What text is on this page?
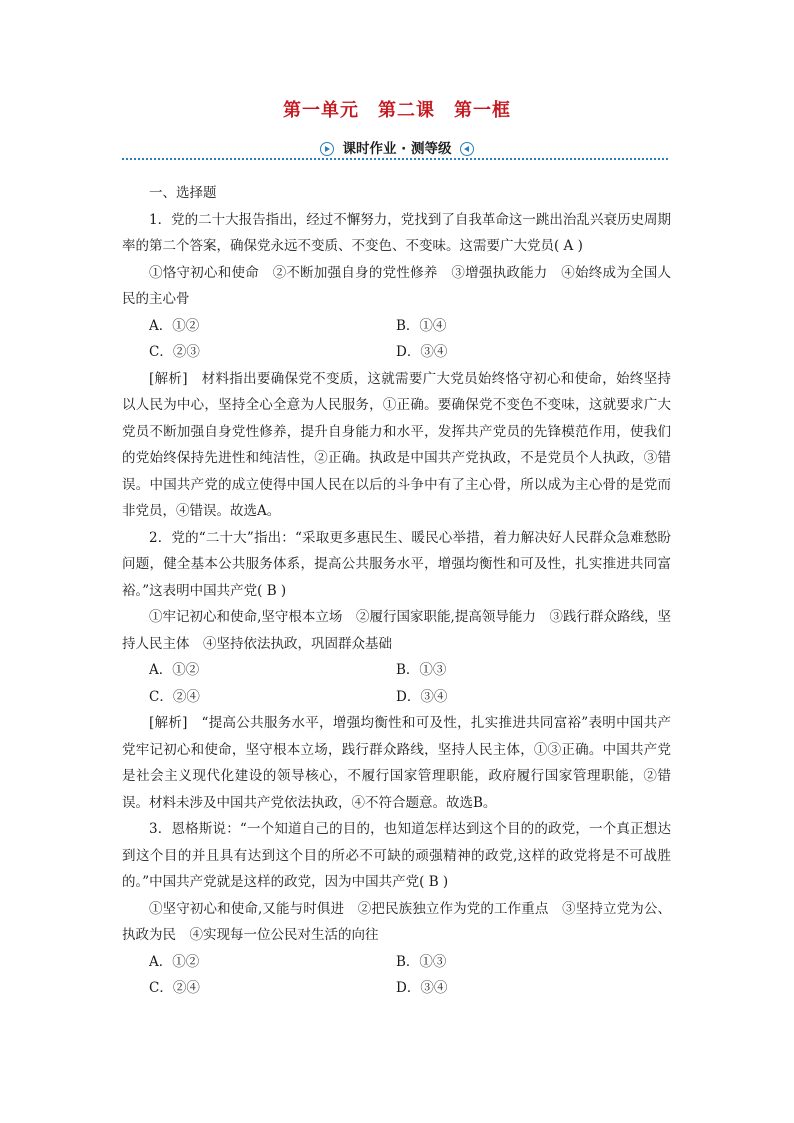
第一单元　第二课　第一框
课时作业 · 测等级

一、选择题

1．党的二十大报告指出，经过不懈努力，党找到了自我革命这一跳出治乱兴衰历史周期率的第二个答案，确保党永远不变质、不变色、不变味。这需要广大党员( A )

①恪守初心和使命　②不断加强自身的党性修养　③增强执政能力　④始终成为全国人民的主心骨

A．①②	B．①④
C．②③	D．③④

[解析]　 材料指出要确保党不变质，这就需要广大党员始终恪守初心和使命，始终坚持以人民为中心，坚持全心全意为人民服务，①正确。要确保党不变色不变味，这就要求广大党员不断加强自身党性修养，提升自身能力和水平，发挥共产党员的先锋模范作用，使我们的党始终保持先进性和纯洁性，②正确。执政是中国共产党执政，不是党员个人执政，③错误。中国共产党的成立使得中国人民在以后的斗争中有了主心骨，所以成为主心骨的是党而非党员，④错误。故选A。

2．党的“二十大”指出：“采取更多惠民生、暖民心举措，着力解决好人民群众急难愁盼问题，健全基本公共服务体系，提高公共服务水平，增强均衡性和可及性，扎实推进共同富裕。”这表明中国共产党( B )

①牢记初心和使命,坚守根本立场　②履行国家职能,提高领导能力　③践行群众路线，坚持人民主体　④坚持依法执政，巩固群众基础

A．①②	B．①③
C．②④	D．③④

[解析]　 “提高公共服务水平，增强均衡性和可及性，扎实推进共同富裕”表明中国共产党牢记初心和使命，坚守根本立场，践行群众路线，坚持人民主体，①③正确。中国共产党是社会主义现代化建设的领导核心，不履行国家管理职能，政府履行国家管理职能，②错误。材料未涉及中国共产党依法执政，④不符合题意。故选B。

3．恩格斯说：“一个知道自己的目的，也知道怎样达到这个目的的政党，一个真正想达到这个目的并且具有达到这个目的所必不可缺的顽强精神的政党,这样的政党将是不可战胜的。”中国共产党就是这样的政党，因为中国共产党( B )

①坚守初心和使命,又能与时俱进　②把民族独立作为党的工作重点　③坚持立党为公、执政为民　④实现每一位公民对生活的向往

A．①②	B．①③
C．②④	D．③④
